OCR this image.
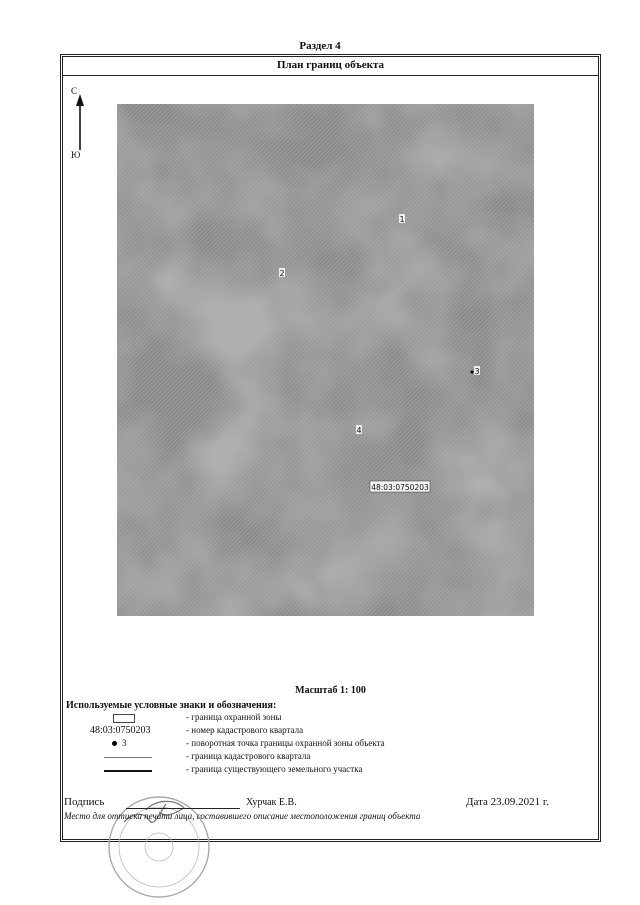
Раздел 4
План границ объекта
С
Ю
1
2
3
4
48:03:0750203
Масштаб 1: 100
Используемые условные знаки и обозначения:
- граница охранной зоны
48:03:0750203	- номер кадастрового квартала
3	- поворотная точка границы охранной зоны объекта
- граница кадастрового квартала
- граница существующего земельного участка
Подпись	Хурчак Е.В.	Дата 23.09.2021 г.
Место для оттиска печати лица, составившего описание местоположения границ объекта
